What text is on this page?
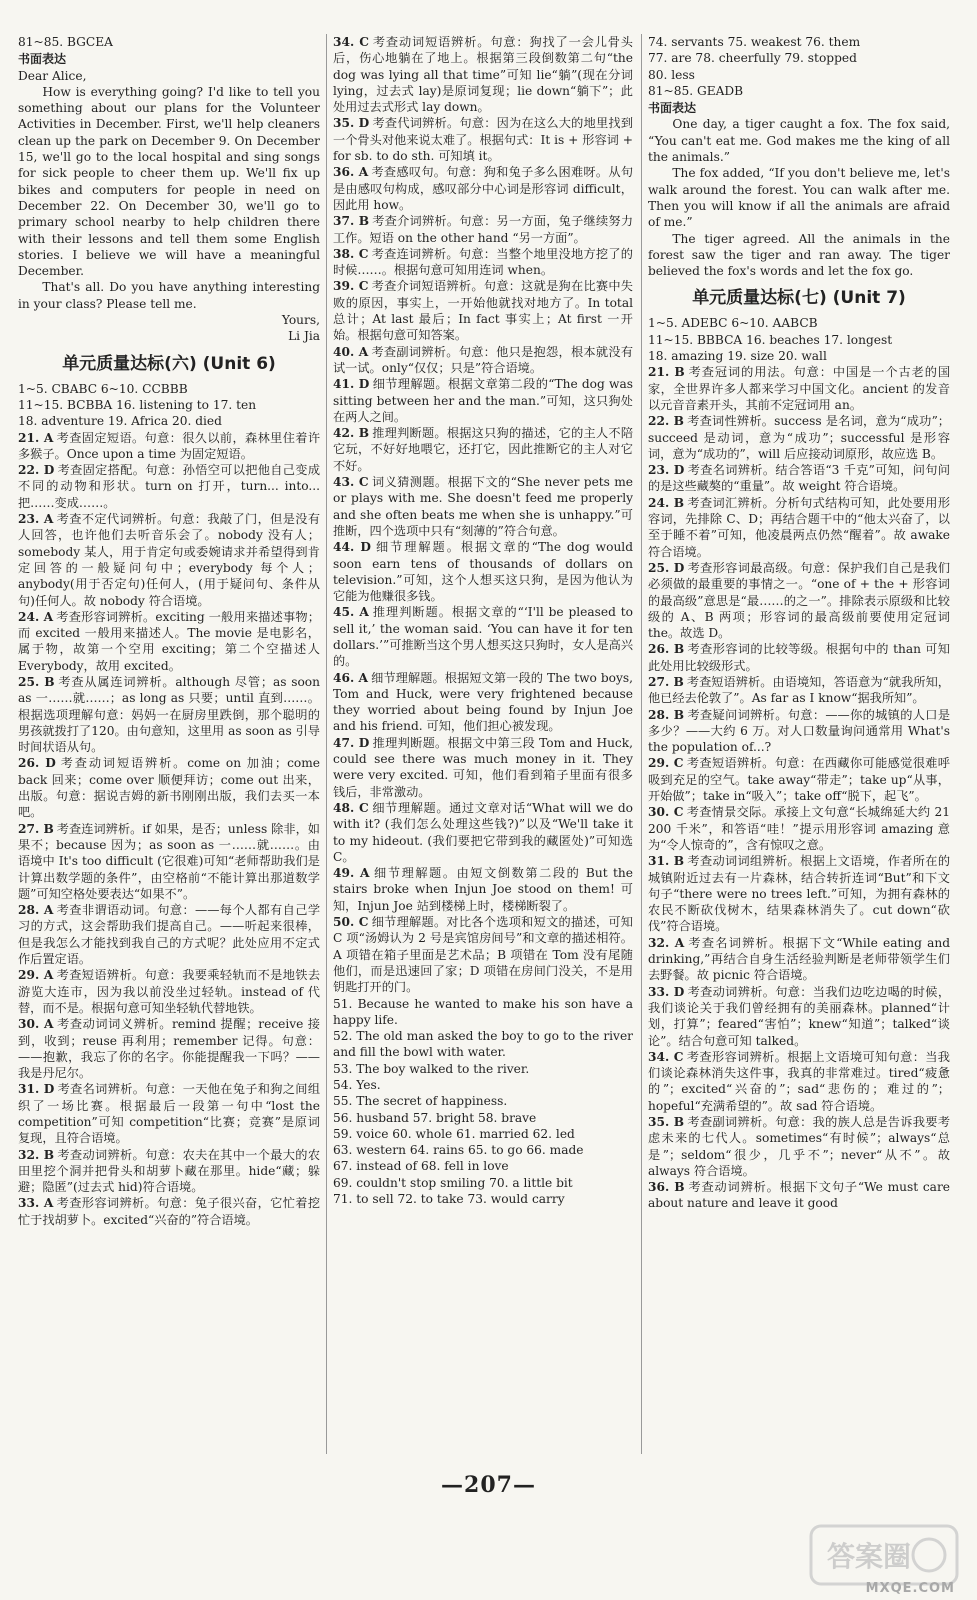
81~85. BGCEA
书面表达
Dear Alice,

How is everything going? I'd like to tell you something about our plans for the Volunteer Activities in December. First, we'll help cleaners clean up the park on December 9. On December 15, we'll go to the local hospital and sing songs for sick people to cheer them up. We'll fix up bikes and computers for people in need on December 22. On December 30, we'll go to primary school nearby to help children there with their lessons and tell them some English stories. I believe we will have a meaningful December.

That's all. Do you have anything interesting in your class? Please tell me.

Yours,
Li Jia
单元质量达标(六) (Unit 6)
1~5. CBABC 6~10. CCBBB
11~15. BCBBA 16. listening to 17. ten
18. adventure 19. Africa 20. died
21. A 考查固定短语。句意：很久以前，森林里住着许多猴子。Once upon a time 为固定短语。
22. D 考查固定搭配。句意：孙悟空可以把他自己变成不同的动物和形状。turn on 打开，turn... into... 把……变成……。
23. A 考查不定代词辨析。句意：我敲了门，但是没有人回答，也许他们去听音乐会了。nobody 没有人；somebody 某人，用于肯定句或委婉请求并希望得到肯定回答的一般疑问句中；everybody 每个人；anybody(用于否定句)任何人，(用于疑问句、条件从句)任何人。故 nobody 符合语境。
24. A 考查形容词辨析。exciting 一般用来描述事物；而 excited 一般用来描述人。The movie 是电影名，属于物，故第一个空用 exciting；第二个空描述人 Everybody，故用 excited。
25. B 考查从属连词辨析。although 尽管；as soon as 一……就……；as long as 只要；until 直到……。根据选项理解句意：妈妈一在厨房里跌倒，那个聪明的男孩就拨打了120。由句意知，这里用 as soon as 引导时间状语从句。
26. D 考查动词短语辨析。come on 加油；come back 回来；come over 顺便拜访；come out 出来，出版。句意：据说吉姆的新书刚刚出版，我们去买一本吧。
27. B 考查连词辨析。if 如果，是否；unless 除非，如果不；because 因为；as soon as 一……就……。由语境中 It's too difficult (它很难)可知“老师帮助我们是计算出数学题的条件”，由空格前“不能计算出那道数学题”可知空格处要表达“如果不”。
28. A 考查非谓语动词。句意：——每个人都有自己学习的方式，这会帮助我们提高自己。——听起来很棒，但是我怎么才能找到我自己的方式呢？此处应用不定式作后置定语。
29. A 考查短语辨析。句意：我要乘轻轨而不是地铁去游览大连市，因为我以前没坐过轻轨。instead of 代替，而不是。根据句意可知坐轻轨代替地铁。
30. A 考查动词词义辨析。remind 提醒；receive 接到，收到；reuse 再利用；remember 记得。句意：——抱歉，我忘了你的名字。你能提醒我一下吗？——我是丹尼尔。
31. D 考查名词辨析。句意：一天他在兔子和狗之间组织了一场比赛。根据最后一段第一句中“lost the competition”可知 competition“比赛；竞赛”是原词复现，且符合语境。
32. B 考查动词辨析。句意：农夫在其中一个最大的农田里挖个洞并把骨头和胡萝卜藏在那里。hide“藏；躲避；隐匿”(过去式 hid)符合语境。
33. A 考查形容词辨析。句意：兔子很兴奋，它忙着挖忙于找胡萝卜。excited“兴奋的”符合语境。
34. C 考查动词短语辨析。句意：狗找了一会儿骨头后，伤心地躺在了地上。根据第三段倒数第二句“the dog was lying all that time”可知 lie“躺”(现在分词 lying，过去式 lay)是原词复现；lie down“躺下”；此处用过去式形式 lay down。
35. D 考查代词辨析。句意：因为在这么大的地里找到一个骨头对他来说太难了。根据句式：It is + 形容词 + for sb. to do sth. 可知填 it。
36. A 考查感叹句。句意：狗和兔子多么困难呀。从句是由感叹句构成，感叹部分中心词是形容词 difficult，因此用 how。
37. B 考查介词辨析。句意：另一方面，兔子继续努力工作。短语 on the other hand “另一方面”。
38. C 考查连词辨析。句意：当整个地里没地方挖了的时候……。根据句意可知用连词 when。
39. C 考查介词短语辨析。句意：这就是狗在比赛中失败的原因，事实上，一开始他就找对地方了。In total 总计；At last 最后；In fact 事实上；At first 一开始。根据句意可知答案。
40. A 考查副词辨析。句意：他只是抱怨，根本就没有试一试。only“仅仅；只是”符合语境。
41. D 细节理解题。根据文章第二段的“The dog was sitting between her and the man.”可知，这只狗处在两人之间。
42. B 推理判断题。根据这只狗的描述，它的主人不陪它玩，不好好地喂它，还打它，因此推断它的主人对它不好。
43. C 词义猜测题。根据下文的“She never pets me or plays with me. She doesn't feed me properly and she often beats me when she is unhappy.”可推断，四个选项中只有“刻薄的”符合句意。
44. D 细节理解题。根据文章的“The dog would soon earn tens of thousands of dollars on television.”可知，这个人想买这只狗，是因为他认为它能为他赚很多钱。
45. A 推理判断题。根据文章的“‘I'll be pleased to sell it,’ the woman said. ‘You can have it for ten dollars.’”可推断当这个男人想买这只狗时，女人是高兴的。
46. A 细节理解题。根据短文第一段的 The two boys, Tom and Huck, were very frightened because they worried about being found by Injun Joe and his friend. 可知，他们担心被发现。
47. D 推理判断题。根据文中第三段 Tom and Huck, could see there was much money in it. They were very excited. 可知，他们看到箱子里面有很多钱后，非常激动。
48. C 细节理解题。通过文章对话“What will we do with it? (我们怎么处理这些钱?)”以及“We'll take it to my hideout. (我们要把它带到我的藏匿处)”可知选 C。
49. A 细节理解题。由短文倒数第二段的 But the stairs broke when Injun Joe stood on them! 可知，Injun Joe 站到楼梯上时，楼梯断裂了。
50. C 细节理解题。对比各个选项和短文的描述，可知 C 项“汤姆认为 2 号是宾馆房间号”和文章的描述相符。A 项错在箱子里面是艺术品；B 项错在 Tom 没有尾随他们，而是迅速回了家；D 项错在房间门没关，不是用钥匙打开的门。
51. Because he wanted to make his son have a happy life.
52. The old man asked the boy to go to the river and fill the bowl with water.
53. The boy walked to the river.
54. Yes.
55. The secret of happiness.
56. husband 57. bright 58. brave
59. voice 60. whole 61. married 62. led
63. western 64. rains 65. to go 66. made
67. instead of 68. fell in love
69. couldn't stop smiling 70. a little bit
71. to sell 72. to take 73. would carry
74. servants 75. weakest 76. them
77. are 78. cheerfully 79. stopped
80. less
81~85. GEADB
书面表达
One day, a tiger caught a fox. The fox said, “You can't eat me. God makes me the king of all the animals.”
The fox added, “If you don't believe me, let's walk around the forest. You can walk after me. Then you will know if all the animals are afraid of me.”
The tiger agreed. All the animals in the forest saw the tiger and ran away. The tiger believed the fox's words and let the fox go.
单元质量达标(七) (Unit 7)
1~5. ADEBC 6~10. AABCB
11~15. BBBCA 16. beaches 17. longest
18. amazing 19. size 20. wall
21. B 考查冠词的用法。句意：中国是一个古老的国家，全世界许多人都来学习中国文化。ancient 的发音以元音音素开头，其前不定冠词用 an。
22. B 考查词性辨析。success 是名词，意为“成功”；succeed 是动词，意为“成功”；successful 是形容词，意为“成功的”，will 后应接动词原形，故应选 B。
23. D 考查名词辨析。结合答语“3 千克”可知，问句问的是这些藏獒的“重量”。故 weight 符合语境。
24. B 考查词汇辨析。分析句式结构可知，此处要用形容词，先排除 C、D；再结合题干中的“他太兴奋了，以至于睡不着”可知，他凌晨两点仍然“醒着”。故 awake 符合语境。
25. D 考查形容词最高级。句意：保护我们自己是我们必须做的最重要的事情之一。“one of + the + 形容词的最高级”意思是“最……的之一”。排除表示原级和比较级的 A、B 两项；形容词的最高级前要使用定冠词 the。故选 D。
26. B 考查形容词的比较等级。根据句中的 than 可知此处用比较级形式。
27. B 考查短语辨析。由语境知，答语意为“就我所知，他已经去伦敦了”。As far as I know“据我所知”。
28. B 考查疑问词辨析。句意：——你的城镇的人口是多少？——大约 6 万。对人口数量询问通常用 What's the population of...?
29. C 考查短语辨析。句意：在西藏你可能感觉很难呼吸到充足的空气。take away“带走”；take up“从事，开始做”；take in“吸入”；take off“脱下，起飞”。
30. C 考查情景交际。承接上文句意“长城绵延大约 21 200 千米”，和答语“哇！”提示用形容词 amazing 意为“令人惊奇的”，含有惊叹之意。
31. B 考查动词词组辨析。根据上文语境，作者所在的城镇附近过去有一片森林，结合转折连词“But”和下文句子“there were no trees left.”可知，为拥有森林的农民不断砍伐树木，结果森林消失了。cut down“砍伐”符合语境。
32. A 考查名词辨析。根据下文“While eating and drinking,”再结合自身生活经验判断是老师带领学生们去野餐。故 picnic 符合语境。
33. D 考查动词辨析。句意：当我们边吃边喝的时候，我们谈论关于我们曾经拥有的美丽森林。planned“计划，打算”；feared“害怕”；knew“知道”；talked“谈论”。结合句意可知 talked。
34. C 考查形容词辨析。根据上文语境可知句意：当我们谈论森林消失这件事，我真的非常难过。tired“疲惫的”；excited“兴奋的”；sad“悲伤的；难过的”；hopeful“充满希望的”。故 sad 符合语境。
35. B 考查副词辨析。句意：我的族人总是告诉我要考虑未来的七代人。sometimes“有时候”；always“总是”；seldom“很少，几乎不”；never“从不”。故 always 符合语境。
36. B 考查动词辨析。根据下文句子“We must care about nature and leave it good
—207—
答案圈
MXQE.COM
